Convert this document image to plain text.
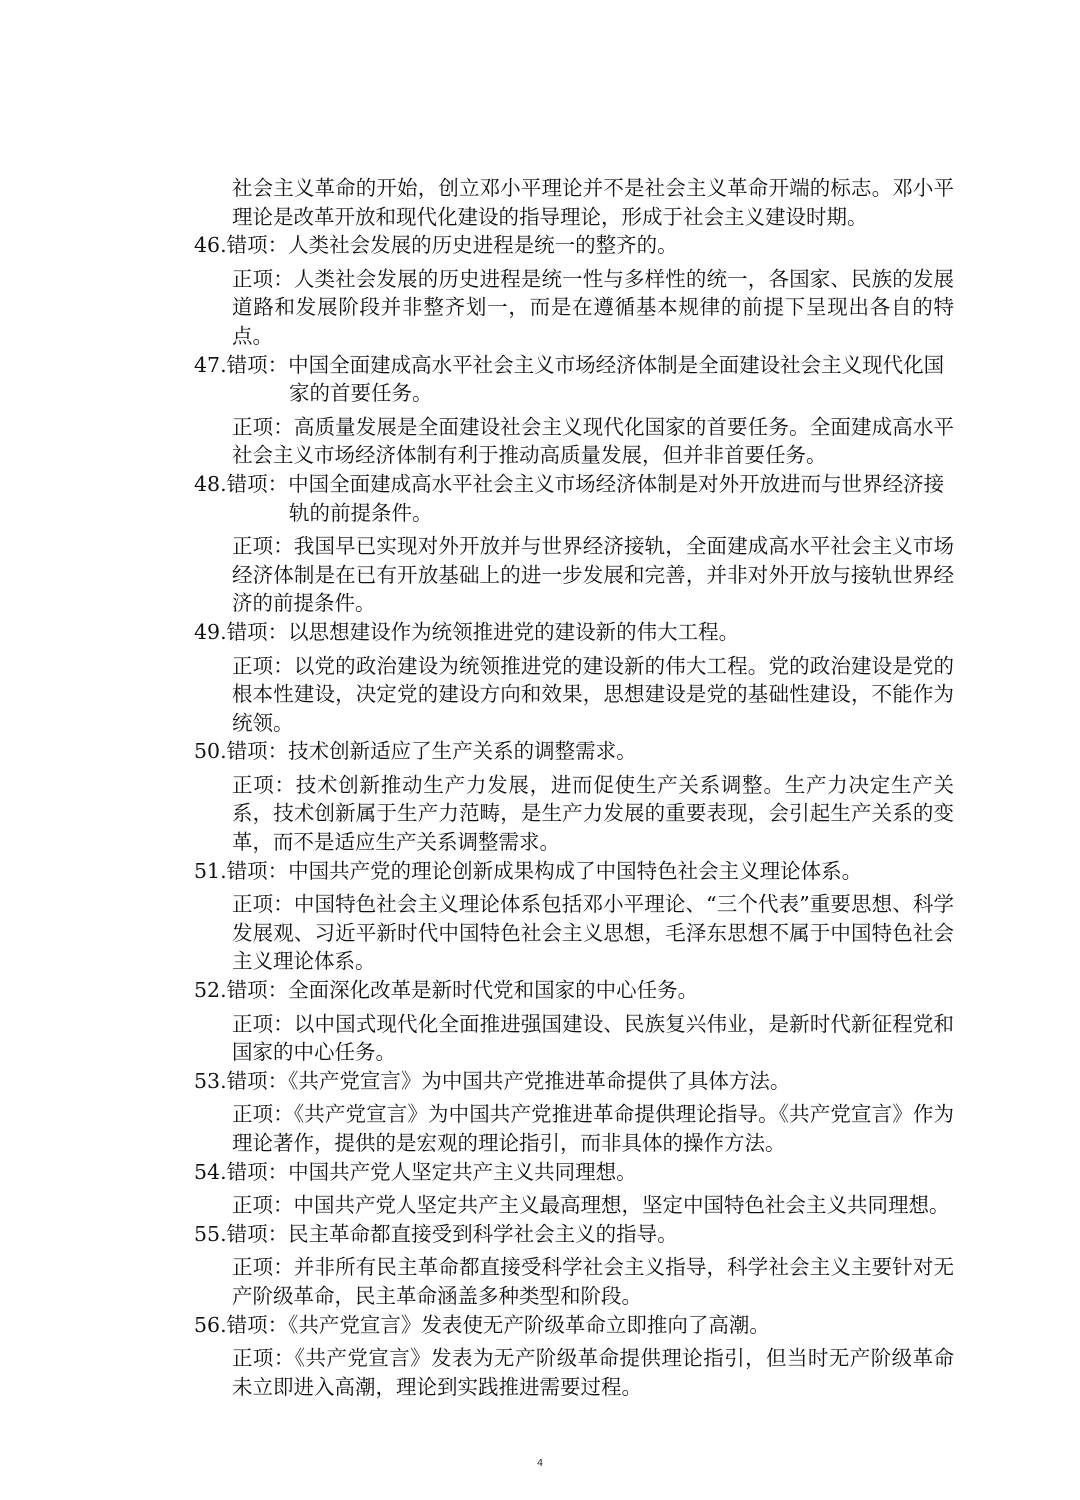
社会主义革命的开始，创立邓小平理论并不是社会主义革命开端的标志。邓小平理论是改革开放和现代化建设的指导理论，形成于社会主义建设时期。
46.错项：人类社会发展的历史进程是统一的整齐的。
正项：人类社会发展的历史进程是统一性与多样性的统一，各国家、民族的发展道路和发展阶段并非整齐划一，而是在遵循基本规律的前提下呈现出各自的特点。
47.错项：中国全面建成高水平社会主义市场经济体制是全面建设社会主义现代化国家的首要任务。
正项：高质量发展是全面建设社会主义现代化国家的首要任务。全面建成高水平社会主义市场经济体制有利于推动高质量发展，但并非首要任务。
48.错项：中国全面建成高水平社会主义市场经济体制是对外开放进而与世界经济接轨的前提条件。
正项：我国早已实现对外开放并与世界经济接轨，全面建成高水平社会主义市场经济体制是在已有开放基础上的进一步发展和完善，并非对外开放与接轨世界经济的前提条件。
49.错项：以思想建设作为统领推进党的建设新的伟大工程。
正项：以党的政治建设为统领推进党的建设新的伟大工程。党的政治建设是党的根本性建设，决定党的建设方向和效果，思想建设是党的基础性建设，不能作为统领。
50.错项：技术创新适应了生产关系的调整需求。
正项：技术创新推动生产力发展，进而促使生产关系调整。生产力决定生产关系，技术创新属于生产力范畴，是生产力发展的重要表现，会引起生产关系的变革，而不是适应生产关系调整需求。
51.错项：中国共产党的理论创新成果构成了中国特色社会主义理论体系。
正项：中国特色社会主义理论体系包括邓小平理论、“三个代表”重要思想、科学发展观、习近平新时代中国特色社会主义思想，毛泽东思想不属于中国特色社会主义理论体系。
52.错项：全面深化改革是新时代党和国家的中心任务。
正项：以中国式现代化全面推进强国建设、民族复兴伟业，是新时代新征程党和国家的中心任务。
53.错项：《共产党宣言》为中国共产党推进革命提供了具体方法。
正项：《共产党宣言》为中国共产党推进革命提供理论指导。《共产党宣言》作为理论著作，提供的是宏观的理论指引，而非具体的操作方法。
54.错项：中国共产党人坚定共产主义共同理想。
正项：中国共产党人坚定共产主义最高理想，坚定中国特色社会主义共同理想。
55.错项：民主革命都直接受到科学社会主义的指导。
正项：并非所有民主革命都直接受科学社会主义指导，科学社会主义主要针对无产阶级革命，民主革命涵盖多种类型和阶段。
56.错项：《共产党宣言》发表使无产阶级革命立即推向了高潮。
正项：《共产党宣言》发表为无产阶级革命提供理论指引，但当时无产阶级革命未立即进入高潮，理论到实践推进需要过程。
4
